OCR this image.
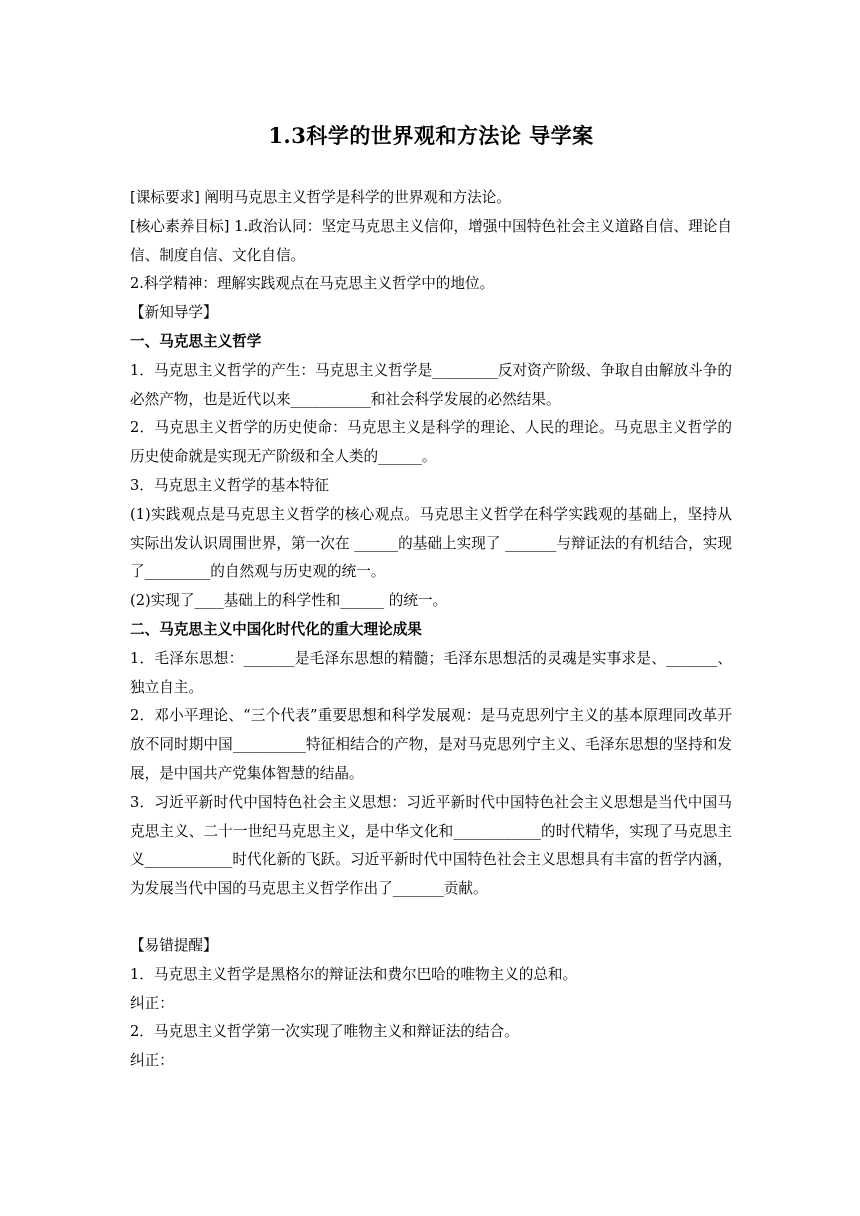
1.3科学的世界观和方法论 导学案

[课标要求] 阐明马克思主义哲学是科学的世界观和方法论。

[核心素养目标] 1.政治认同：坚定马克思主义信仰，增强中国特色社会主义道路自信、理论自信、制度自信、文化自信。

2.科学精神：理解实践观点在马克思主义哲学中的地位。

【新知导学】

一、马克思主义哲学

1．马克思主义哲学的产生：马克思主义哲学是_________反对资产阶级、争取自由解放斗争的必然产物，也是近代以来___________和社会科学发展的必然结果。

2．马克思主义哲学的历史使命：马克思主义是科学的理论、人民的理论。马克思主义哲学的历史使命就是实现无产阶级和全人类的______。

3．马克思主义哲学的基本特征

(1)实践观点是马克思主义哲学的核心观点。马克思主义哲学在科学实践观的基础上，坚持从实际出发认识周围世界，第一次在 ______的基础上实现了 _______与辩证法的有机结合，实现了_________的自然观与历史观的统一。

(2)实现了____基础上的科学性和______ 的统一。

二、马克思主义中国化时代化的重大理论成果

1．毛泽东思想：_______是毛泽东思想的精髓；毛泽东思想活的灵魂是实事求是、_______、独立自主。

2．邓小平理论、“三个代表”重要思想和科学发展观：是马克思列宁主义的基本原理同改革开放不同时期中国__________特征相结合的产物，是对马克思列宁主义、毛泽东思想的坚持和发展，是中国共产党集体智慧的结晶。

3．习近平新时代中国特色社会主义思想：习近平新时代中国特色社会主义思想是当代中国马克思主义、二十一世纪马克思主义，是中华文化和____________的时代精华，实现了马克思主义____________时代化新的飞跃。习近平新时代中国特色社会主义思想具有丰富的哲学内涵，为发展当代中国的马克思主义哲学作出了_______贡献。

【易错提醒】

1．马克思主义哲学是黑格尔的辩证法和费尔巴哈的唯物主义的总和。

纠正：

2．马克思主义哲学第一次实现了唯物主义和辩证法的结合。

纠正：
